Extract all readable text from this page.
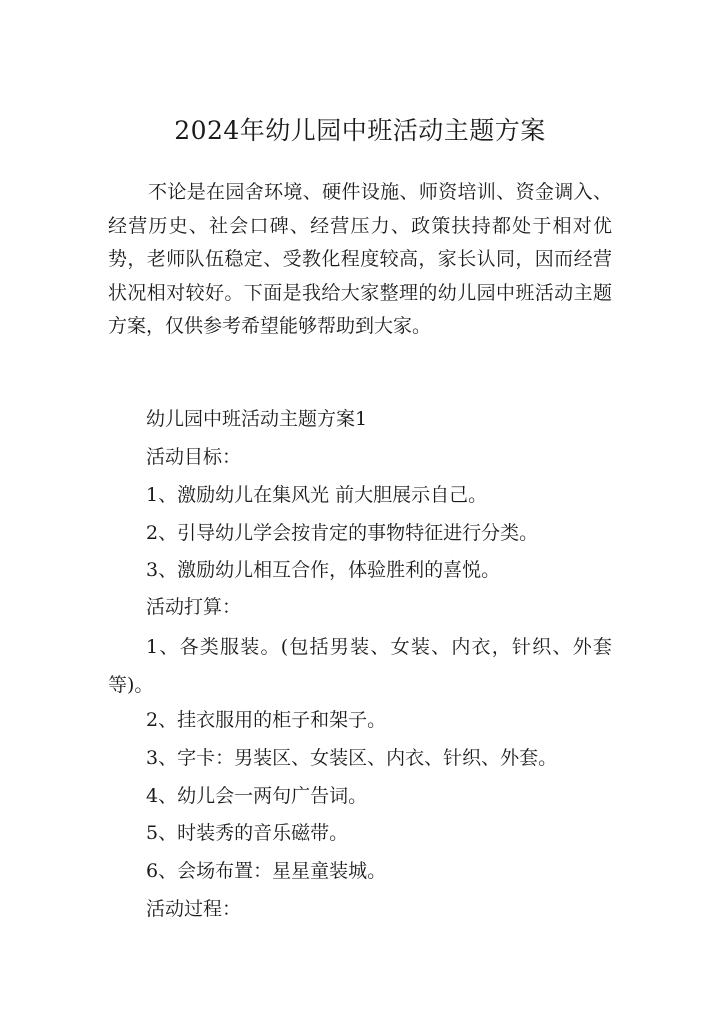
2024年幼儿园中班活动主题方案

不论是在园舍环境、硬件设施、师资培训、资金调入、经营历史、社会口碑、经营压力、政策扶持都处于相对优势，老师队伍稳定、受教化程度较高，家长认同，因而经营状况相对较好。下面是我给大家整理的幼儿园中班活动主题方案，仅供参考希望能够帮助到大家。

幼儿园中班活动主题方案1

活动目标：

1、激励幼儿在集风光 前大胆展示自己。

2、引导幼儿学会按肯定的事物特征进行分类。

3、激励幼儿相互合作，体验胜利的喜悦。

活动打算：

1、各类服装。(包括男装、女装、内衣，针织、外套等)。

2、挂衣服用的柜子和架子。

3、字卡：男装区、女装区、内衣、针织、外套。

4、幼儿会一两句广告词。

5、时装秀的音乐磁带。

6、会场布置：星星童装城。

活动过程：
